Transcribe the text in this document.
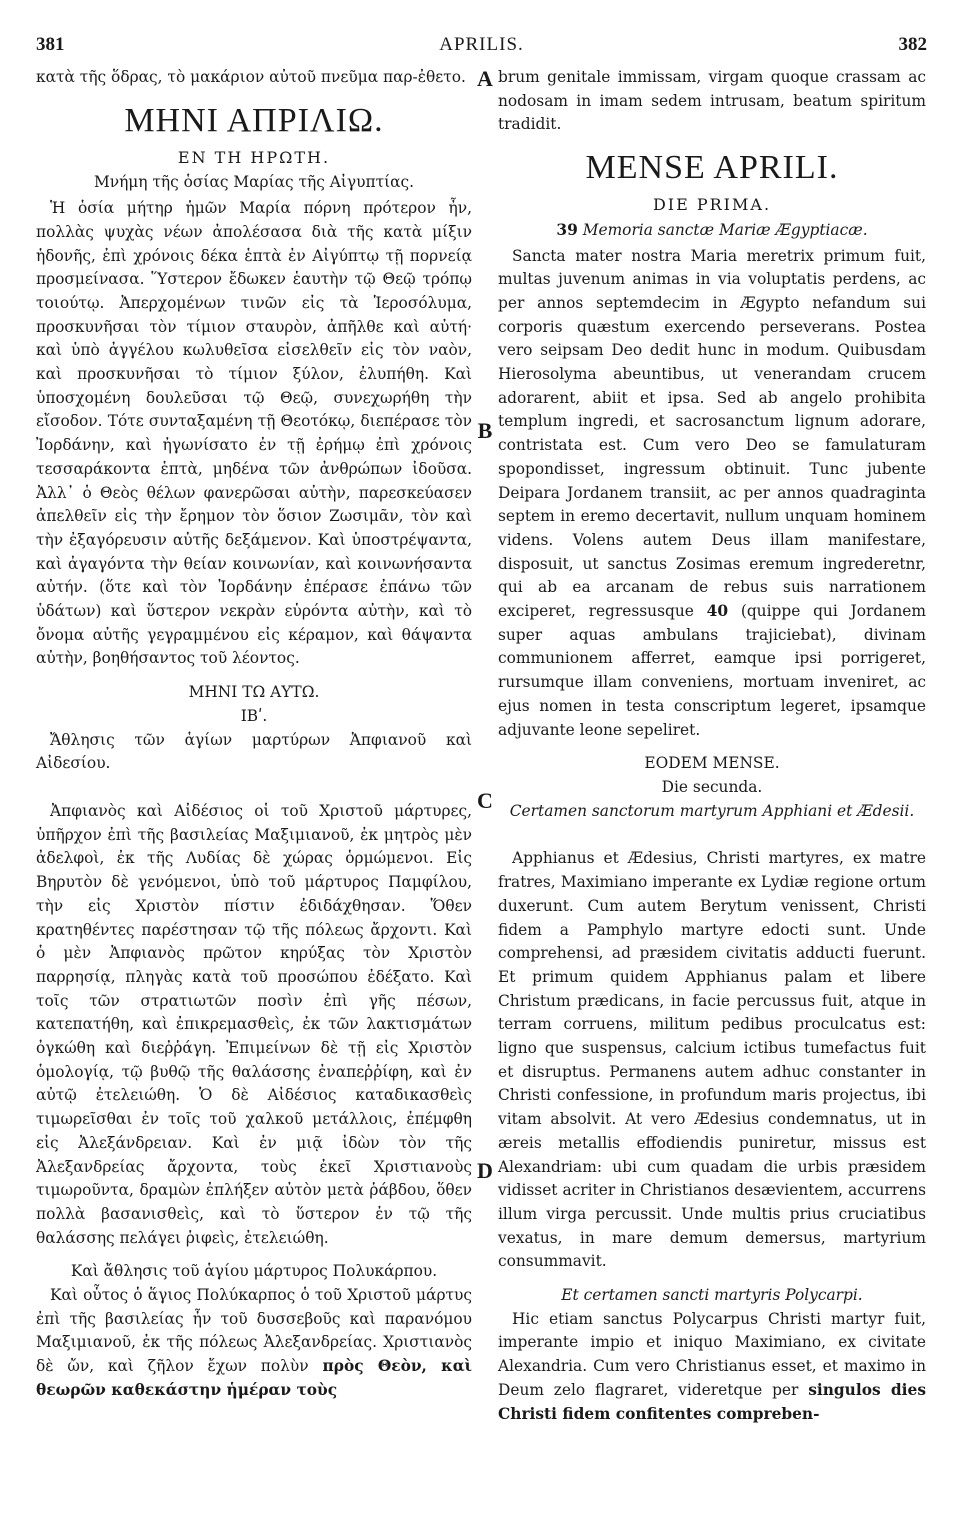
381	APRILIS.	382
A
B
C
D

κατὰ τῆς ὅδρας, τὸ μακάριον αὐτοῦ πνεῦμα παρ-ἐθετο.

ΜΗΝΙ ΑΠΡΙΛΙΩ.

ΕΝ ΤΗ ΗΡΩΤΗ.

Μνήμη τῆς ὁσίας Μαρίας τῆς Αἰγυπτίας.

Ἡ ὁσία μήτηρ ἡμῶν Μαρία πόρνη πρότερον ἦν, πολλὰς ψυχὰς νέων ἀπολέσασα διὰ τῆς κατὰ μίξιν ἡδονῆς, ἐπὶ χρόνοις δέκα ἑπτὰ ἐν Αἰγύπτῳ τῇ πορνείᾳ προσμείνασα. Ὕστερον ἔδωκεν ἑαυτὴν τῷ Θεῷ τρόπῳ τοιούτῳ. Ἀπερχομένων τινῶν εἰς τὰ Ἱεροσόλυμα, προσκυνῆσαι τὸν τίμιον σταυρὸν, ἀπῆλθε καὶ αὐτή· καὶ ὑπὸ ἀγγέλου κωλυθεῖσα εἰσελθεῖν εἰς τὸν ναὸν, καὶ προσκυνῆσαι τὸ τίμιον ξύλον, ἐλυπήθη. Καὶ ὑποσχομένη δουλεῦσαι τῷ Θεῷ, συνεχωρήθη τὴν εἴσοδον. Τότε συνταξαμένη τῇ Θεοτόκῳ, διεπέρασε τὸν Ἰορδάνην, καὶ ἠγωνίσατο ἐν τῇ ἐρήμῳ ἐπὶ χρόνοις τεσσαράκοντα ἑπτὰ, μηδένα τῶν ἀνθρώπων ἰδοῦσα. Ἀλλ᾽ ὁ Θεὸς θέλων φανερῶσαι αὐτὴν, παρεσκεύασεν ἀπελθεῖν εἰς τὴν ἔρημον τὸν ὅσιον Ζωσιμᾶν, τὸν καὶ τὴν ἐξαγόρευσιν αὐτῆς δεξάμενον. Καὶ ὑποστρέψαντα, καὶ ἀγαγόντα τὴν θείαν κοινωνίαν, καὶ κοινωνήσαντα αὐτήν. (ὅτε καὶ τὸν Ἰορδάνην ἐπέρασε ἐπάνω τῶν ὑδάτων) καὶ ὕστερον νεκρὰν εὑρόντα αὐτὴν, καὶ τὸ ὄνομα αὐτῆς γεγραμμένου εἰς κέραμον, καὶ θάψαντα αὐτὴν, βοηθήσαντος τοῦ λέοντος.

ΜΗΝΙ ΤΩ ΑΥΤΩ.

ΙΒʹ.

Ἄθλησις τῶν ἁγίων μαρτύρων Ἀπφιανοῦ καὶ Αἰδεσίου.

Ἀπφιανὸς καὶ Αἰδέσιος οἱ τοῦ Χριστοῦ μάρτυρες, ὑπῆρχον ἐπὶ τῆς βασιλείας Μαξιμιανοῦ, ἐκ μητρὸς μὲν ἀδελφοὶ, ἐκ τῆς Λυδίας δὲ χώρας ὁρμώμενοι. Εἰς Βηρυτὸν δὲ γενόμενοι, ὑπὸ τοῦ μάρτυρος Παμφίλου, τὴν εἰς Χριστὸν πίστιν ἐδιδάχθησαν. Ὅθεν κρατηθέντες παρέστησαν τῷ τῆς πόλεως ἄρχοντι. Καὶ ὁ μὲν Ἀπφιανὸς πρῶτον κηρύξας τὸν Χριστὸν παρρησίᾳ, πληγὰς κατὰ τοῦ προσώπου ἐδέξατο. Καὶ τοῖς τῶν στρατιωτῶν ποσὶν ἐπὶ γῆς πέσων, κατεπατήθη, καὶ ἐπικρεμασθεὶς, ἐκ τῶν λακτισμάτων ὀγκώθη καὶ διεῤῥάγη. Ἐπιμείνων δὲ τῇ εἰς Χριστὸν ὁμολογίᾳ, τῷ βυθῷ τῆς θαλάσσης ἐναπεῤῥίφη, καὶ ἐν αὐτῷ ἐτελειώθη. Ὁ δὲ Αἰδέσιος καταδικασθεὶς τιμωρεῖσθαι ἐν τοῖς τοῦ χαλκοῦ μετάλλοις, ἐπέμφθη εἰς Ἀλεξάνδρειαν. Καὶ ἐν μιᾷ ἰδὼν τὸν τῆς Ἀλεξανδρείας ἄρχοντα, τοὺς ἐκεῖ Χριστιανοὺς τιμωροῦντα, δραμὼν ἐπλήξεν αὐτὸν μετὰ ῥάβδου, ὅθεν πολλὰ βασανισθεὶς, καὶ τὸ ὕστερον ἐν τῷ τῆς θαλάσσης πελάγει ῥιφεὶς, ἐτελειώθη.

Καὶ ἄθλησις τοῦ ἁγίου μάρτυρος Πολυκάρπου.

Καὶ οὗτος ὁ ἅγιος Πολύκαρπος ὁ τοῦ Χριστοῦ μάρτυς ἐπὶ τῆς βασιλείας ἦν τοῦ δυσσεβοῦς καὶ παρανόμου Μαξιμιανοῦ, ἐκ τῆς πόλεως Ἀλεξανδρείας. Χριστιανὸς δὲ ὤν, καὶ ζῆλον ἔχων πολὺν πρὸς Θεὸν, καὶ θεωρῶν καθεκάστην ἡμέραν τοὺς

brum genitale immissam, virgam quoque crassam ac nodosam in imam sedem intrusam, beatum spiritum tradidit.

MENSE APRILI.

DIE PRIMA.

39 Memoria sanctæ Mariæ Ægyptiacæ.

Sancta mater nostra Maria meretrix primum fuit, multas juvenum animas in via voluptatis perdens, ac per annos septemdecim in Ægypto nefandum sui corporis quæstum exercendo perseverans. Postea vero seipsam Deo dedit hunc in modum. Quibusdam Hierosolyma abeuntibus, ut venerandam crucem adorarent, abiit et ipsa. Sed ab angelo prohibita templum ingredi, et sacrosanctum lignum adorare, contristata est. Cum vero Deo se famulaturam spopondisset, ingressum obtinuit. Tunc jubente Deipara Jordanem transiit, ac per annos quadraginta septem in eremo decertavit, nullum unquam hominem videns. Volens autem Deus illam manifestare, disposuit, ut sanctus Zosimas eremum ingrederetnr, qui ab ea arcanam de rebus suis narrationem exciperet, regressusque 40 (quippe qui Jordanem super aquas ambulans trajiciebat), divinam communionem afferret, eamque ipsi porrigeret, rursumque illam conveniens, mortuam inveniret, ac ejus nomen in testa conscriptum legeret, ipsamque adjuvante leone sepeliret.

EODEM MENSE.

Die secunda.

Certamen sanctorum martyrum Apphiani et Ædesii.

Apphianus et Ædesius, Christi martyres, ex matre fratres, Maximiano imperante ex Lydiæ regione ortum duxerunt. Cum autem Berytum venissent, Christi fidem a Pamphylo martyre edocti sunt. Unde comprehensi, ad præsidem civitatis adducti fuerunt. Et primum quidem Apphianus palam et libere Christum prædicans, in facie percussus fuit, atque in terram corruens, militum pedibus proculcatus est: ligno que suspensus, calcium ictibus tumefactus fuit et disruptus. Permanens autem adhuc constanter in Christi confessione, in profundum maris projectus, ibi vitam absolvit. At vero Ædesius condemnatus, ut in æreis metallis effodiendis puniretur, missus est Alexandriam: ubi cum quadam die urbis præsidem vidisset acriter in Christianos desævientem, accurrens illum virga percussit. Unde multis prius cruciatibus vexatus, in mare demum demersus, martyrium consummavit.

Et certamen sancti martyris Polycarpi.

Hic etiam sanctus Polycarpus Christi martyr fuit, imperante impio et iniquo Maximiano, ex civitate Alexandria. Cum vero Christianus esset, et maximo in Deum zelo flagraret, videretque per singulos dies Christi fidem confitentes compreben-
